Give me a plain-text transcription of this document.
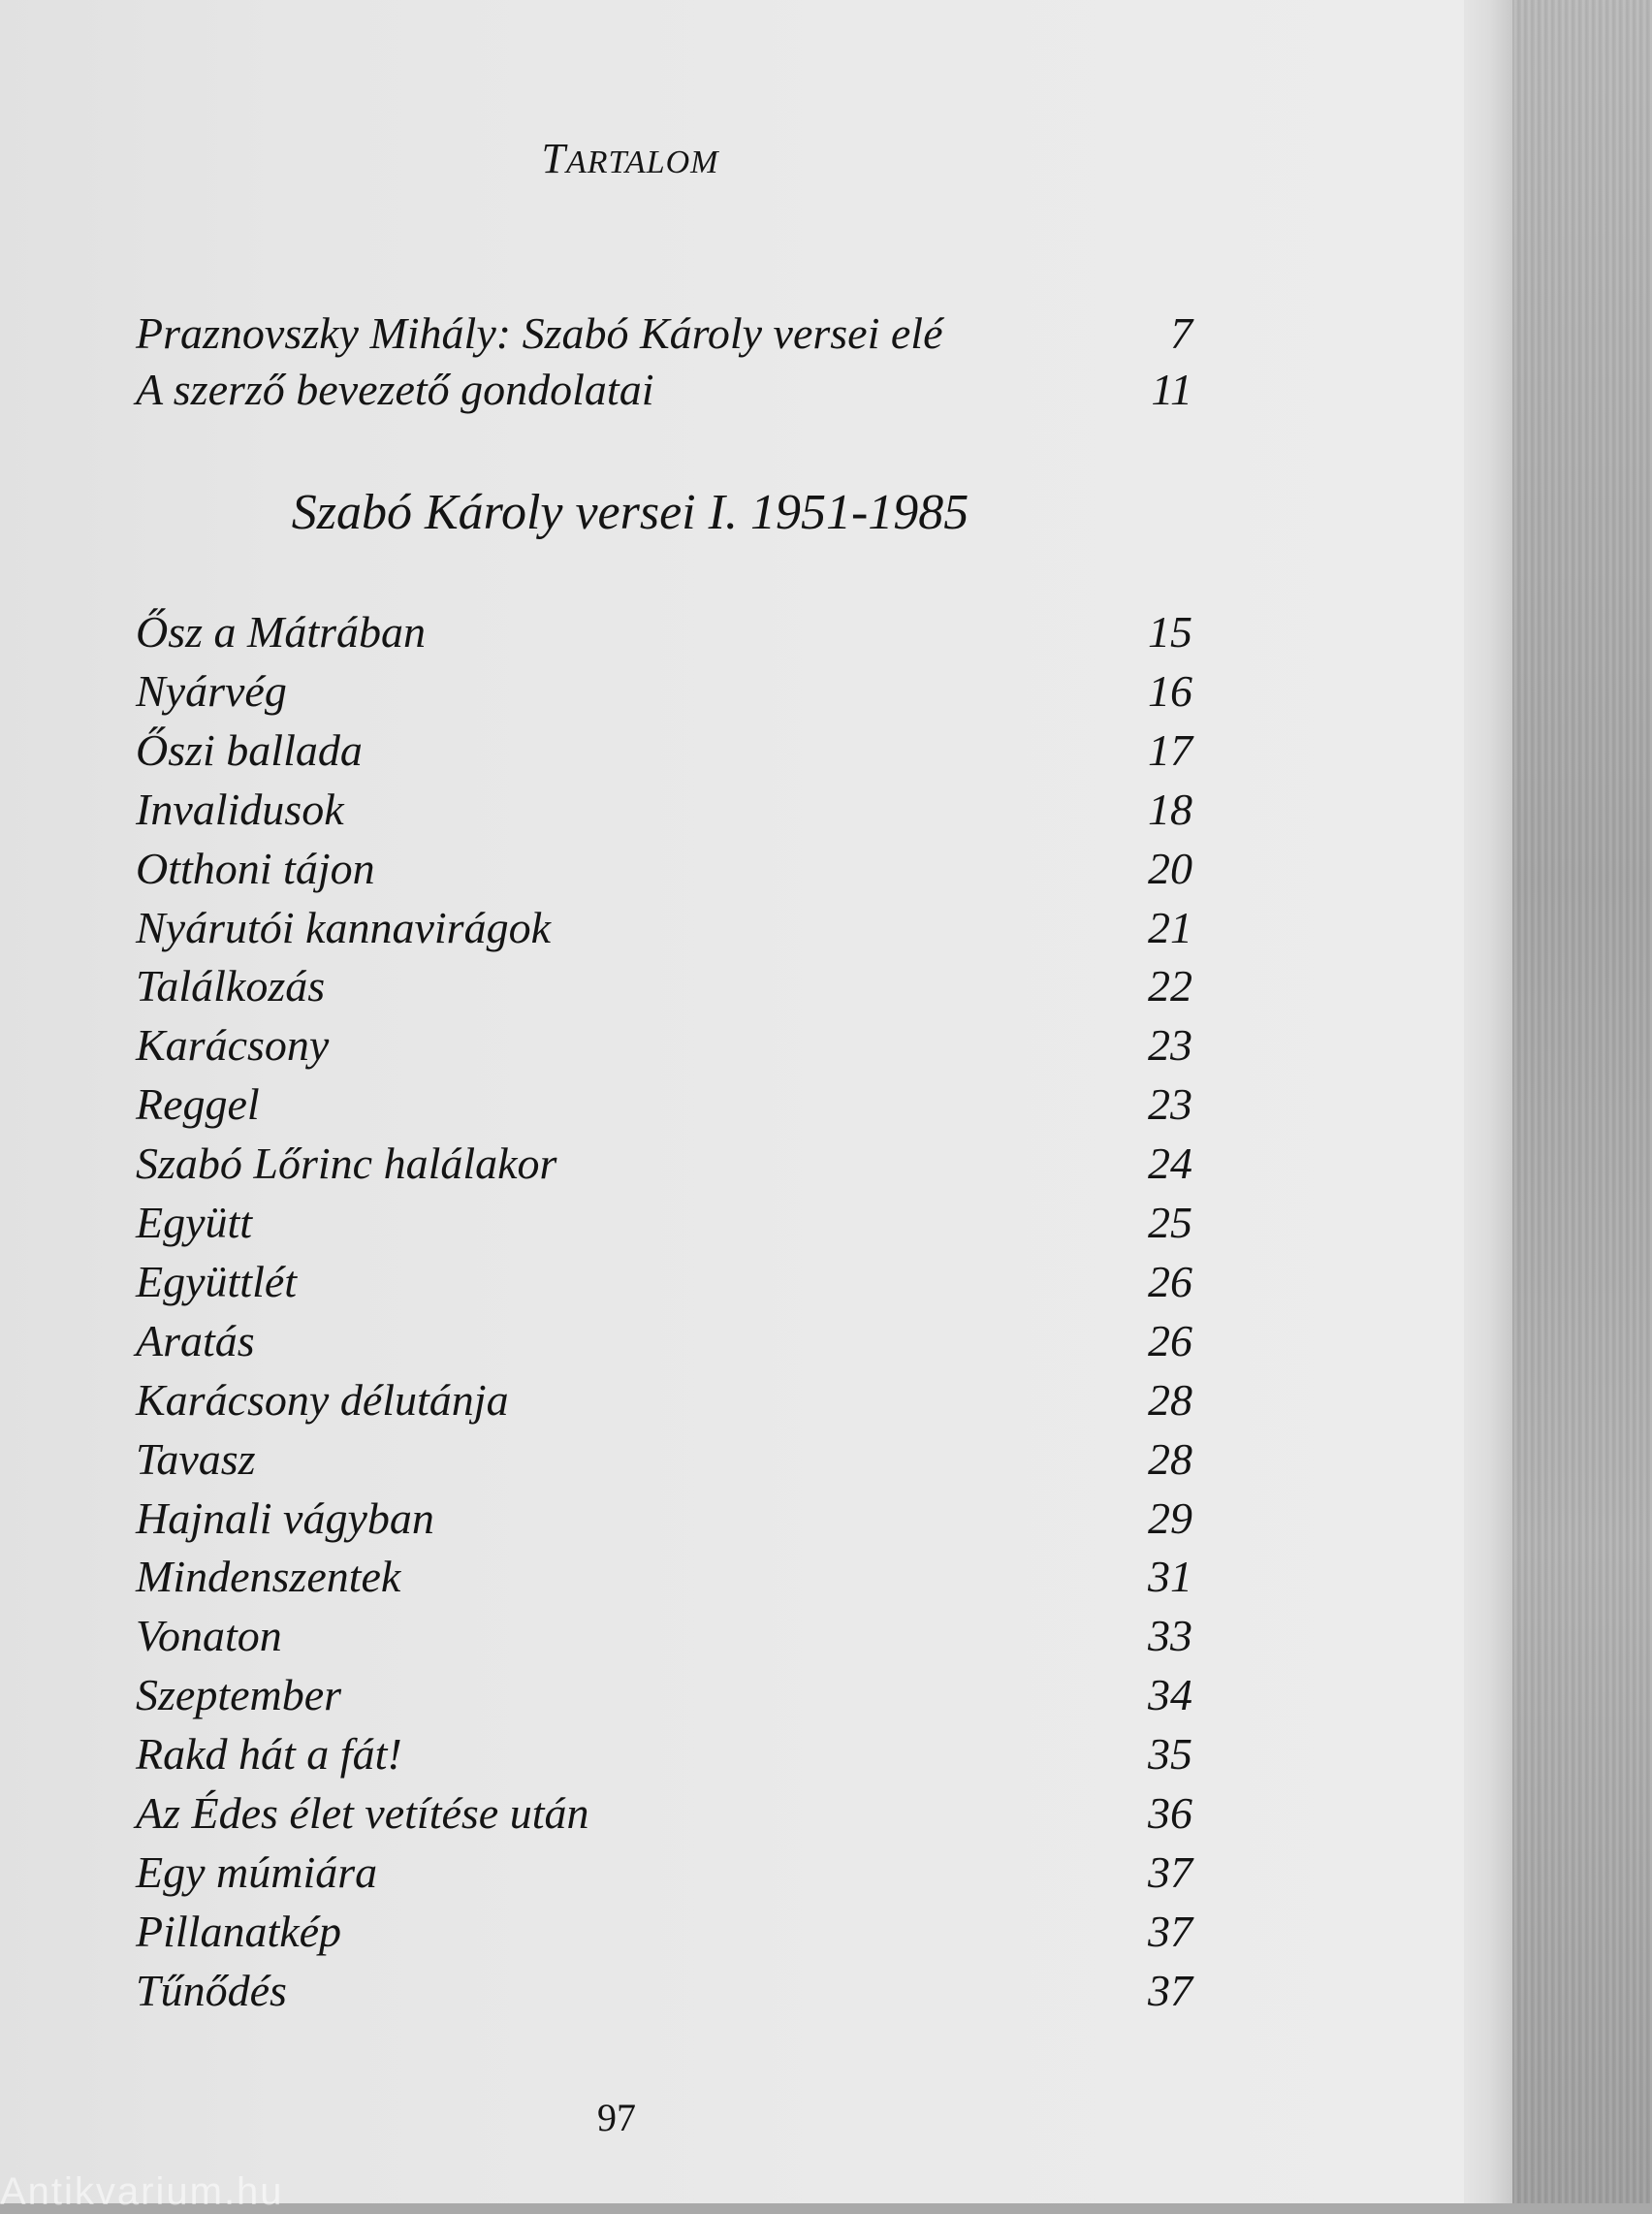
TARTALOM
Praznovszky Mihály: Szabó Károly versei elé	7
A szerző bevezető gondolatai	11
Szabó Károly versei I. 1951-1985
Ősz a Mátrában	15
Nyárvég	16
Őszi ballada	17
Invalidusok	18
Otthoni tájon	20
Nyárutói kannavirágok	21
Találkozás	22
Karácsony	23
Reggel	23
Szabó Lőrinc halálakor	24
Együtt	25
Együttlét	26
Aratás	26
Karácsony délutánja	28
Tavasz	28
Hajnali vágyban	29
Mindenszentek	31
Vonaton	33
Szeptember	34
Rakd hát a fát!	35
Az Édes élet vetítése után	36
Egy múmiára	37
Pillanatkép	37
Tűnődés	37
97
Antikvarium.hu
